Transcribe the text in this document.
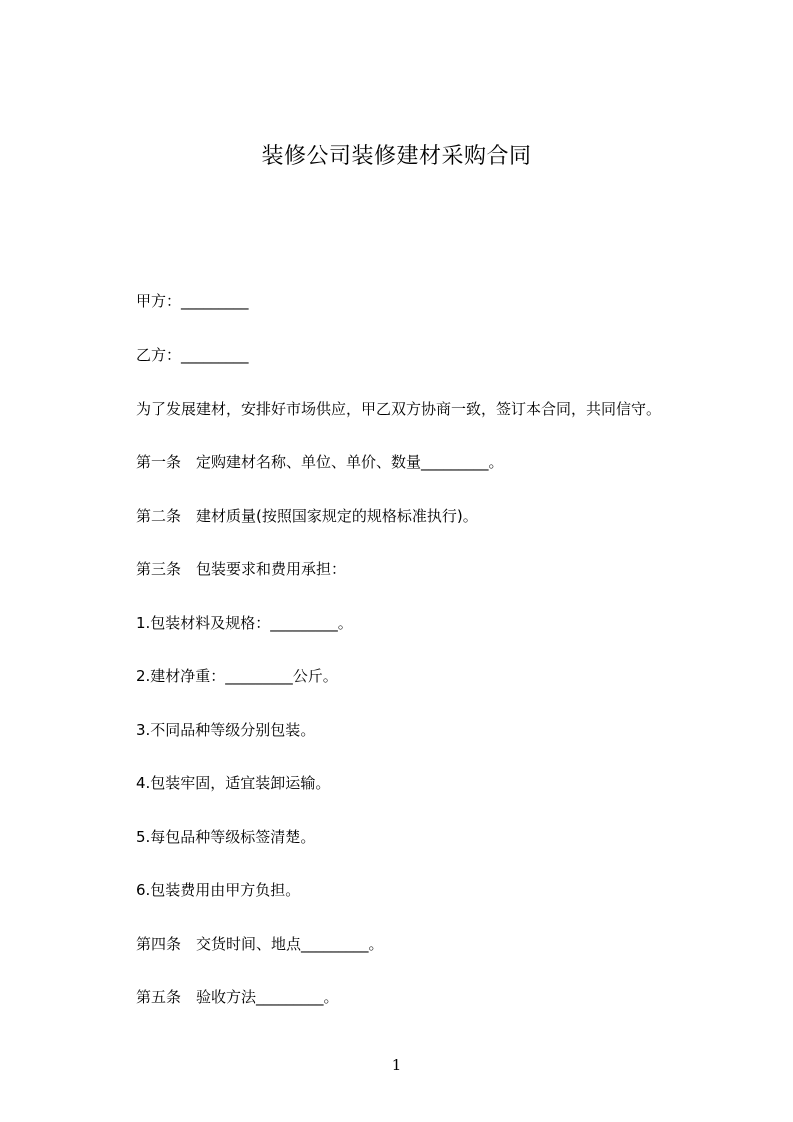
装修公司装修建材采购合同
甲方：_________
乙方：_________
为了发展建材，安排好市场供应，甲乙双方协商一致，签订本合同，共同信守。
第一条　定购建材名称、单位、单价、数量_________。
第二条　建材质量(按照国家规定的规格标准执行)。
第三条　包装要求和费用承担：
1.包装材料及规格：_________。
2.建材净重：_________公斤。
3.不同品种等级分别包装。
4.包装牢固，适宜装卸运输。
5.每包品种等级标签清楚。
6.包装费用由甲方负担。
第四条　交货时间、地点_________。
第五条　验收方法_________。
1
